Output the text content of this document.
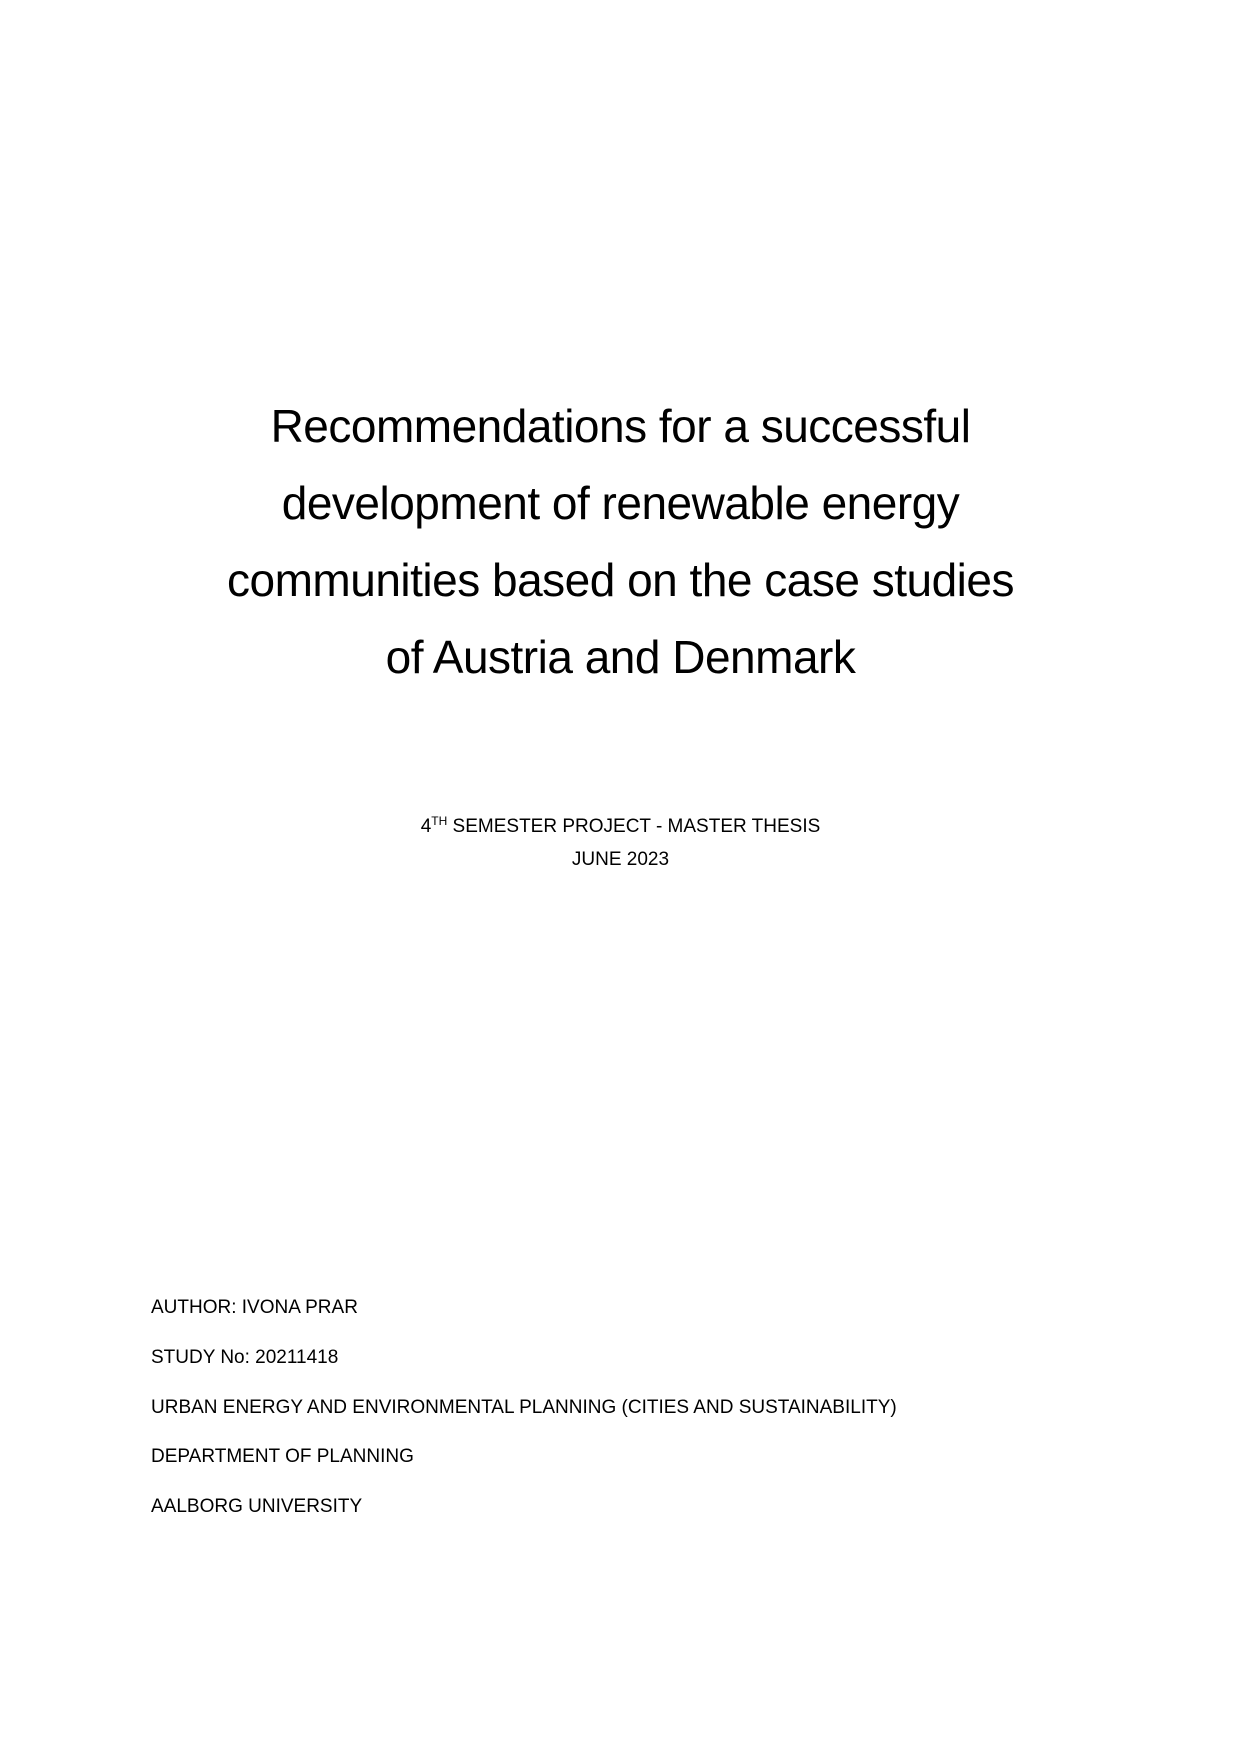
Recommendations for a successful
development of renewable energy
communities based on the case studies
of Austria and Denmark
4TH SEMESTER PROJECT - MASTER THESIS
JUNE 2023
AUTHOR: IVONA PRAR
STUDY No: 20211418
URBAN ENERGY AND ENVIRONMENTAL PLANNING (CITIES AND SUSTAINABILITY)
DEPARTMENT OF PLANNING
AALBORG UNIVERSITY
